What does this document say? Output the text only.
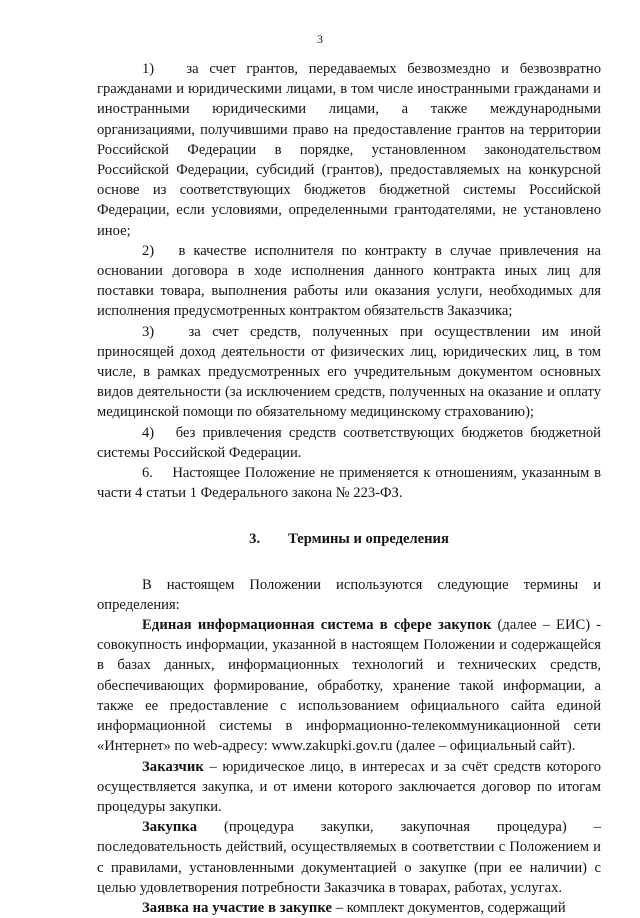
3

1) за счет грантов, передаваемых безвозмездно и безвозвратно гражданами и юридическими лицами, в том числе иностранными гражданами и иностранными юридическими лицами, а также международными организациями, получившими право на предоставление грантов на территории Российской Федерации в порядке, установленном законодательством Российской Федерации, субсидий (грантов), предоставляемых на конкурсной основе из соответствующих бюджетов бюджетной системы Российской Федерации, если условиями, определенными грантодателями, не установлено иное;

2) в качестве исполнителя по контракту в случае привлечения на основании договора в ходе исполнения данного контракта иных лиц для поставки товара, выполнения работы или оказания услуги, необходимых для исполнения предусмотренных контрактом обязательств Заказчика;

3) за счет средств, полученных при осуществлении им иной приносящей доход деятельности от физических лиц, юридических лиц, в том числе, в рамках предусмотренных его учредительным документом основных видов деятельности (за исключением средств, полученных на оказание и оплату медицинской помощи по обязательному медицинскому страхованию);

4) без привлечения средств соответствующих бюджетов бюджетной системы Российской Федерации.

6. Настоящее Положение не применяется к отношениям, указанным в части 4 статьи 1 Федерального закона № 223-ФЗ.

3. Термины и определения

В настоящем Положении используются следующие термины и определения:

Единая информационная система в сфере закупок (далее – ЕИС) - совокупность информации, указанной в настоящем Положении и содержащейся в базах данных, информационных технологий и технических средств, обеспечивающих формирование, обработку, хранение такой информации, а также ее предоставление с использованием официального сайта единой информационной системы в информационно-телекоммуникационной сети «Интернет» по web-адресу: www.zakupki.gov.ru (далее – официальный сайт).

Заказчик – юридическое лицо, в интересах и за счёт средств которого осуществляется закупка, и от имени которого заключается договор по итогам процедуры закупки.

Закупка (процедура закупки, закупочная процедура) – последовательность действий, осуществляемых в соответствии с Положением и с правилами, установленными документацией о закупке (при ее наличии) с целью удовлетворения потребности Заказчика в товарах, работах, услугах.

Заявка на участие в закупке – комплект документов, содержащий
